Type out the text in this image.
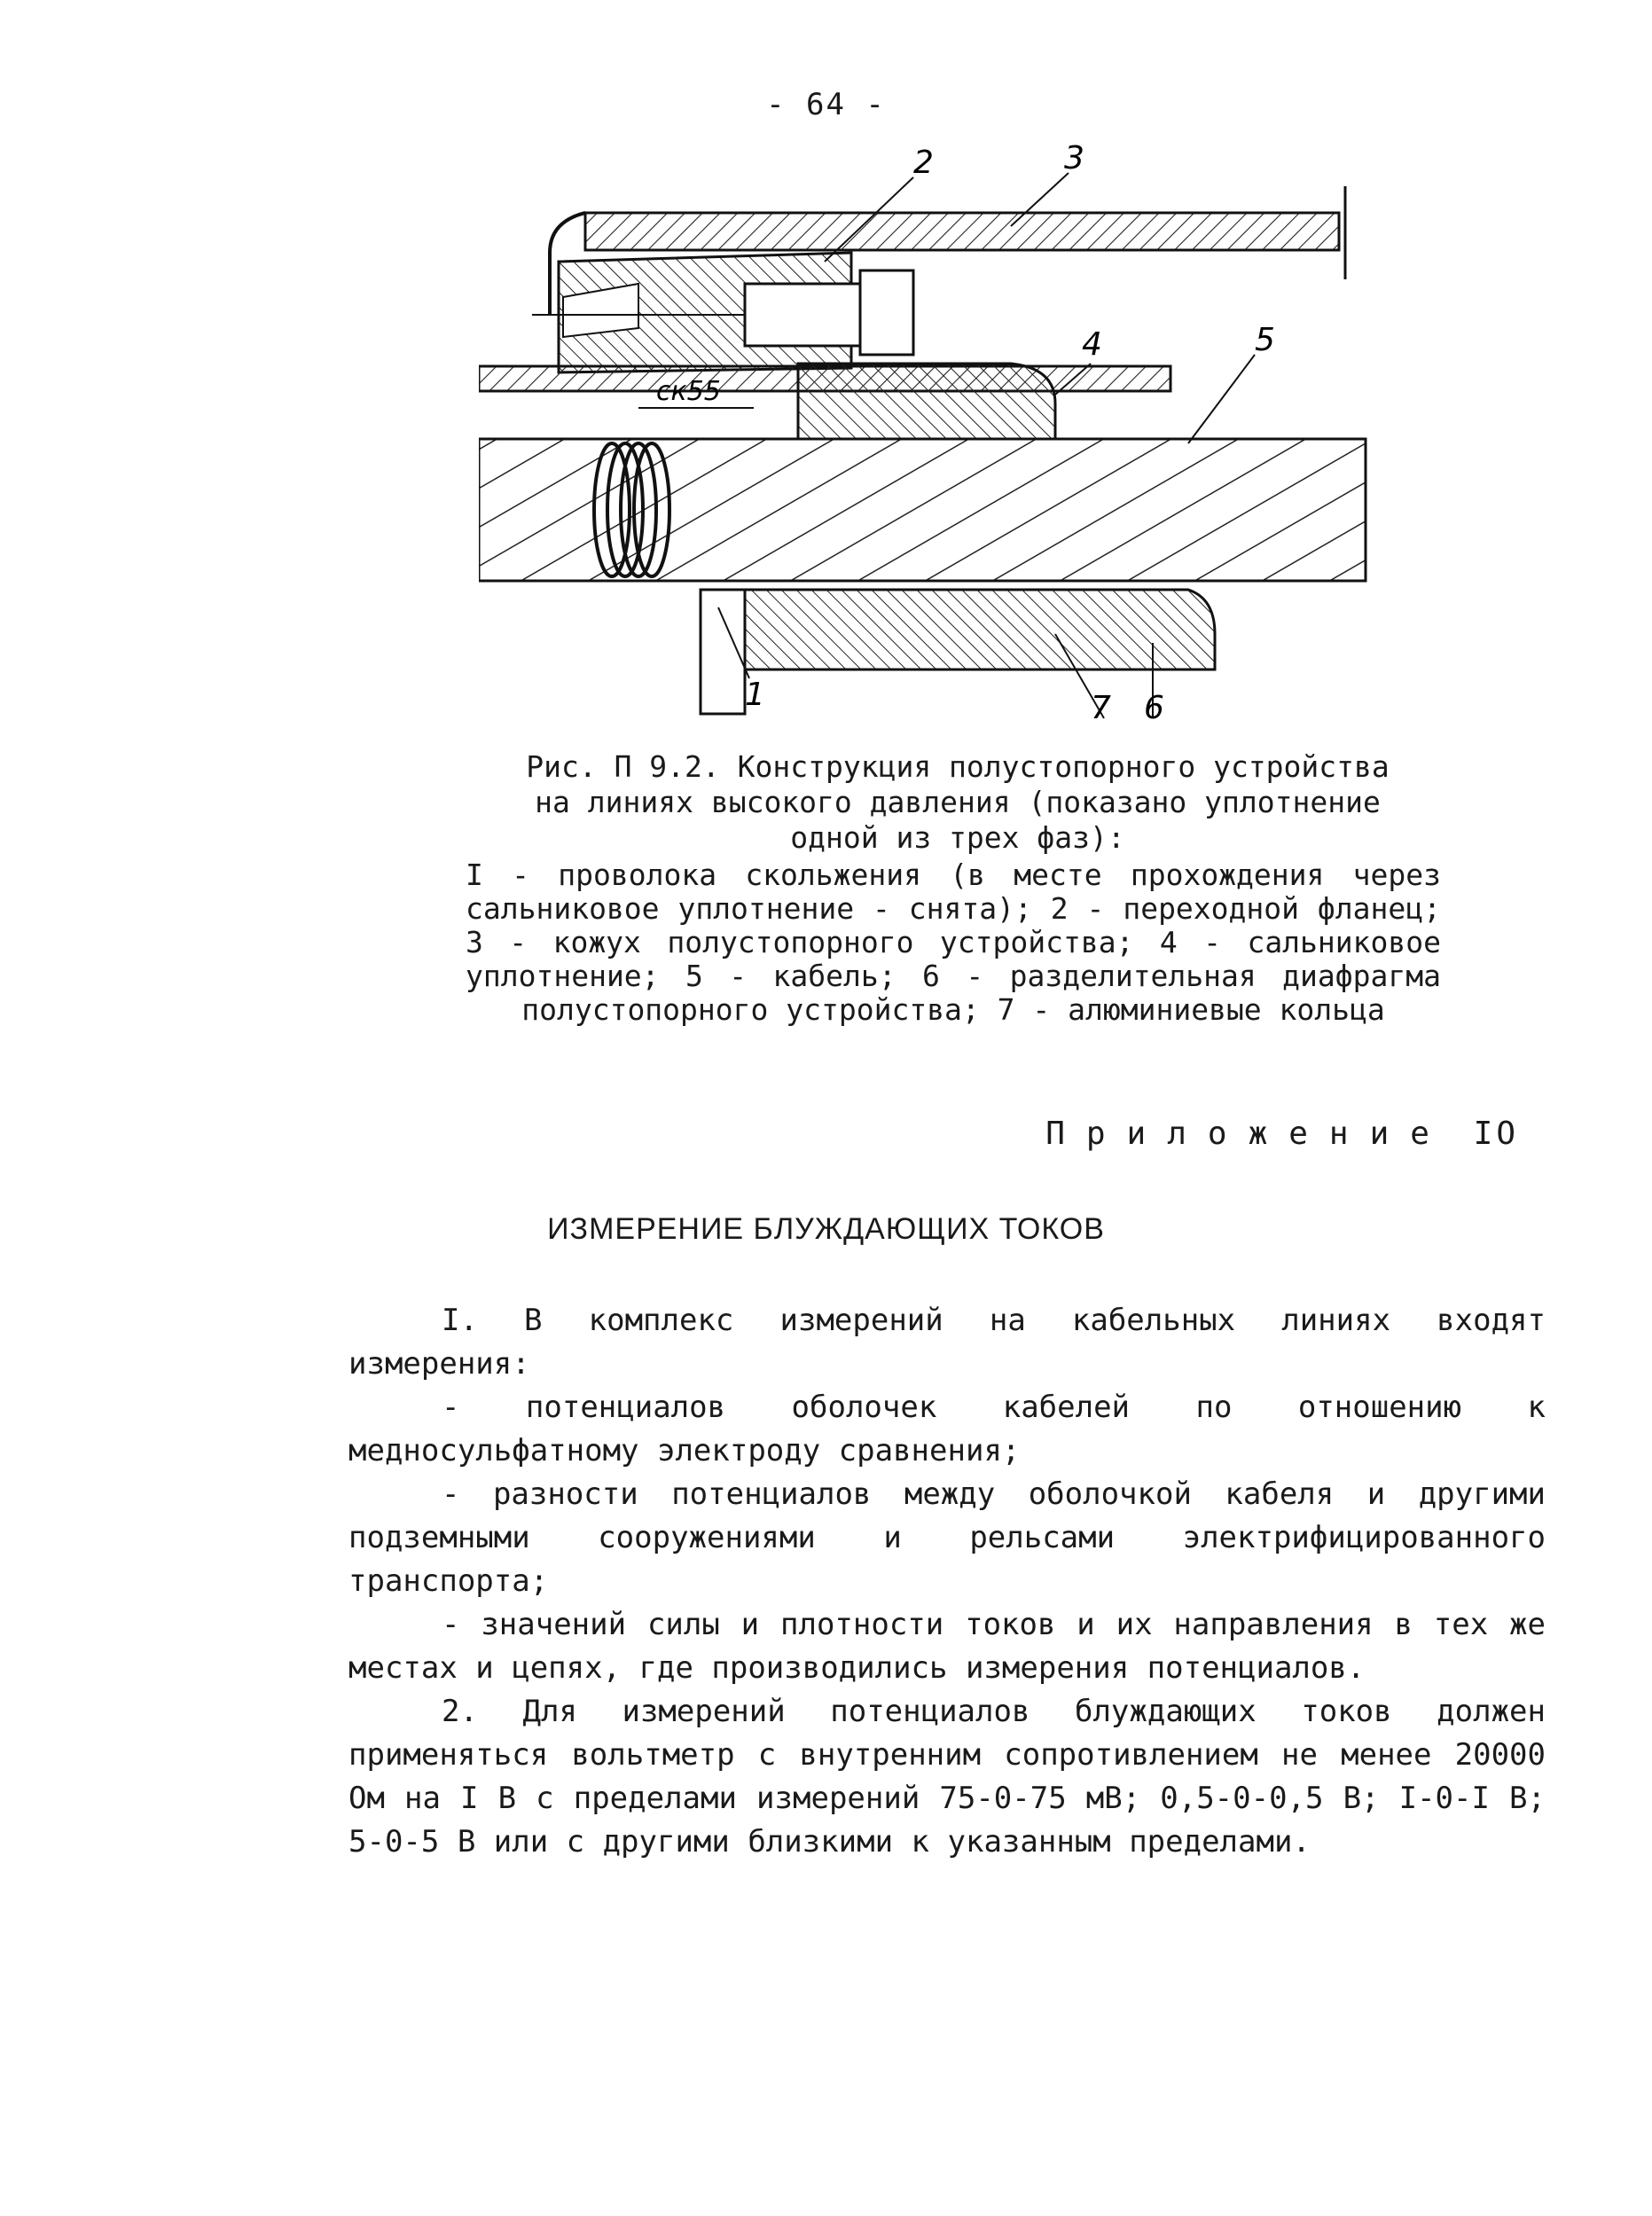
- 64 -
ск55
2	3
4	5
1	7 6
Рис. П 9.2. Конструкция полустопорного устройства
на линиях высокого давления (показано уплотнение
одной из трех фаз):
I - проволока скольжения (в месте прохождения через сальниковое уплотнение - снята); 2 - переходной фланец; 3 - кожух полустопорного устройства; 4 - сальниковое уплотнение; 5 - кабель; 6 - разделительная диафрагма полустопорного устройства; 7 - алюминиевые кольца
Приложение IO
ИЗМЕРЕНИЕ БЛУЖДАЮЩИХ ТОКОВ

I. В комплекс измерений на кабельных линиях входят измерения:

- потенциалов оболочек кабелей по отношению к медносульфатному электроду сравнения;

- разности потенциалов между оболочкой кабеля и другими подземными сооружениями и рельсами электрифицированного транспорта;

- значений силы и плотности токов и их направления в тех же местах и цепях, где производились измерения потенциалов.

2. Для измерений потенциалов блуждающих токов должен применяться вольтметр с внутренним сопротивлением не менее 20000 Ом на I В с пределами измерений 75-0-75 мВ; 0,5-0-0,5 В; I-0-I В; 5-0-5 В или с другими близкими к указанным пределами.
